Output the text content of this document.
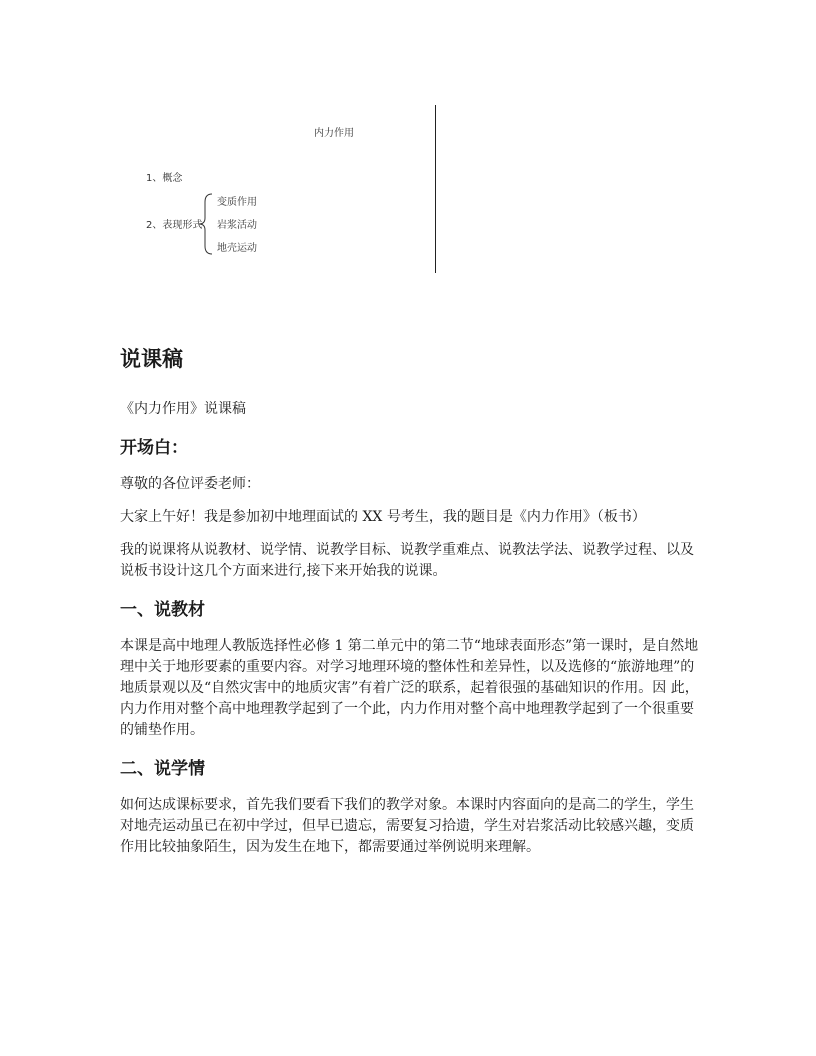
内力作用
1、概念
2、表现形式
变质作用
岩浆活动
地壳运动
说课稿

《内力作用》说课稿

开场白：

尊敬的各位评委老师：

大家上午好！我是参加初中地理面试的 XX 号考生，我的题目是《内力作用》（板书）

我的说课将从说教材、说学情、说教学目标、说教学重难点、说教法学法、说教学过程、以及说板书设计这几个方面来进行,接下来开始我的说课。

一、说教材

本课是高中地理人教版选择性必修 1 第二单元中的第二节“地球表面形态”第一课时，是自然地理中关于地形要素的重要内容。对学习地理环境的整体性和差异性，以及选修的“旅游地理”的地质景观以及“自然灾害中的地质灾害”有着广泛的联系，起着很强的基础知识的作用。因 此，内力作用对整个高中地理教学起到了一个此，内力作用对整个高中地理教学起到了一个很重要的铺垫作用。

二、说学情

如何达成课标要求，首先我们要看下我们的教学对象。本课时内容面向的是高二的学生，学生对地壳运动虽已在初中学过，但早已遗忘，需要复习拾遗，学生对岩浆活动比较感兴趣，变质作用比较抽象陌生，因为发生在地下，都需要通过举例说明来理解。
